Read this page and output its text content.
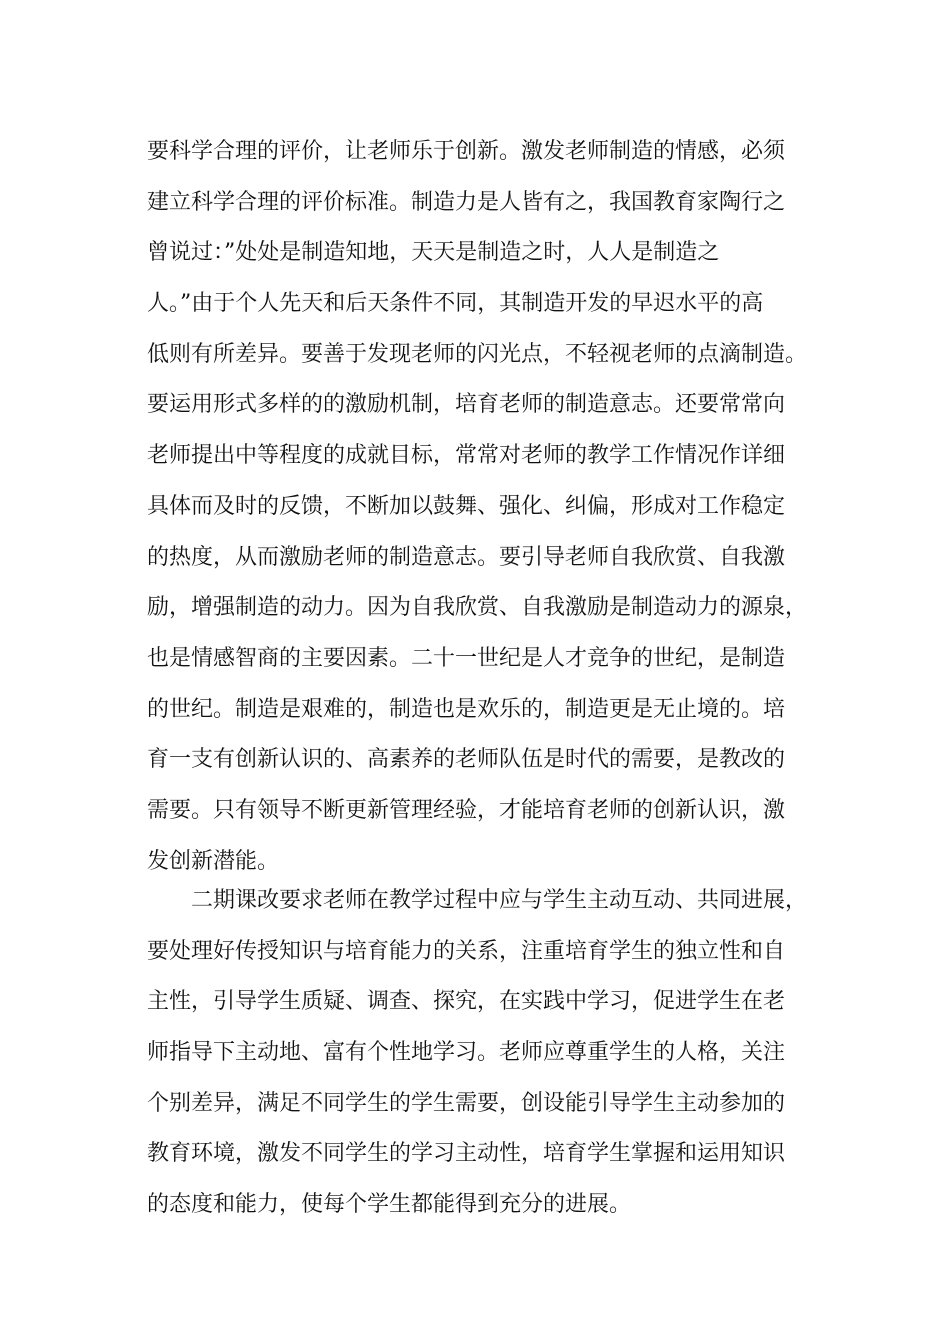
要科学合理的评价，让老师乐于创新。激发老师制造的情感，必须
建立科学合理的评价标准。制造力是人皆有之，我国教育家陶行之
曾说过：”处处是制造知地，天天是制造之时，人人是制造之
人。”由于个人先天和后天条件不同，其制造开发的早迟水平的高
低则有所差异。要善于发现老师的闪光点，不轻视老师的点滴制造。
要运用形式多样的的激励机制，培育老师的制造意志。还要常常向
老师提出中等程度的成就目标，常常对老师的教学工作情况作详细
具体而及时的反馈，不断加以鼓舞、强化、纠偏，形成对工作稳定
的热度，从而激励老师的制造意志。要引导老师自我欣赏、自我激
励，增强制造的动力。因为自我欣赏、自我激励是制造动力的源泉，
也是情感智商的主要因素。二十一世纪是人才竞争的世纪，是制造
的世纪。制造是艰难的，制造也是欢乐的，制造更是无止境的。培
育一支有创新认识的、高素养的老师队伍是时代的需要，是教改的
需要。只有领导不断更新管理经验，才能培育老师的创新认识，激
发创新潜能。
二期课改要求老师在教学过程中应与学生主动互动、共同进展，
要处理好传授知识与培育能力的关系，注重培育学生的独立性和自
主性，引导学生质疑、调查、探究，在实践中学习，促进学生在老
师指导下主动地、富有个性地学习。老师应尊重学生的人格，关注
个别差异，满足不同学生的学生需要，创设能引导学生主动参加的
教育环境，激发不同学生的学习主动性，培育学生掌握和运用知识
的态度和能力，使每个学生都能得到充分的进展。
